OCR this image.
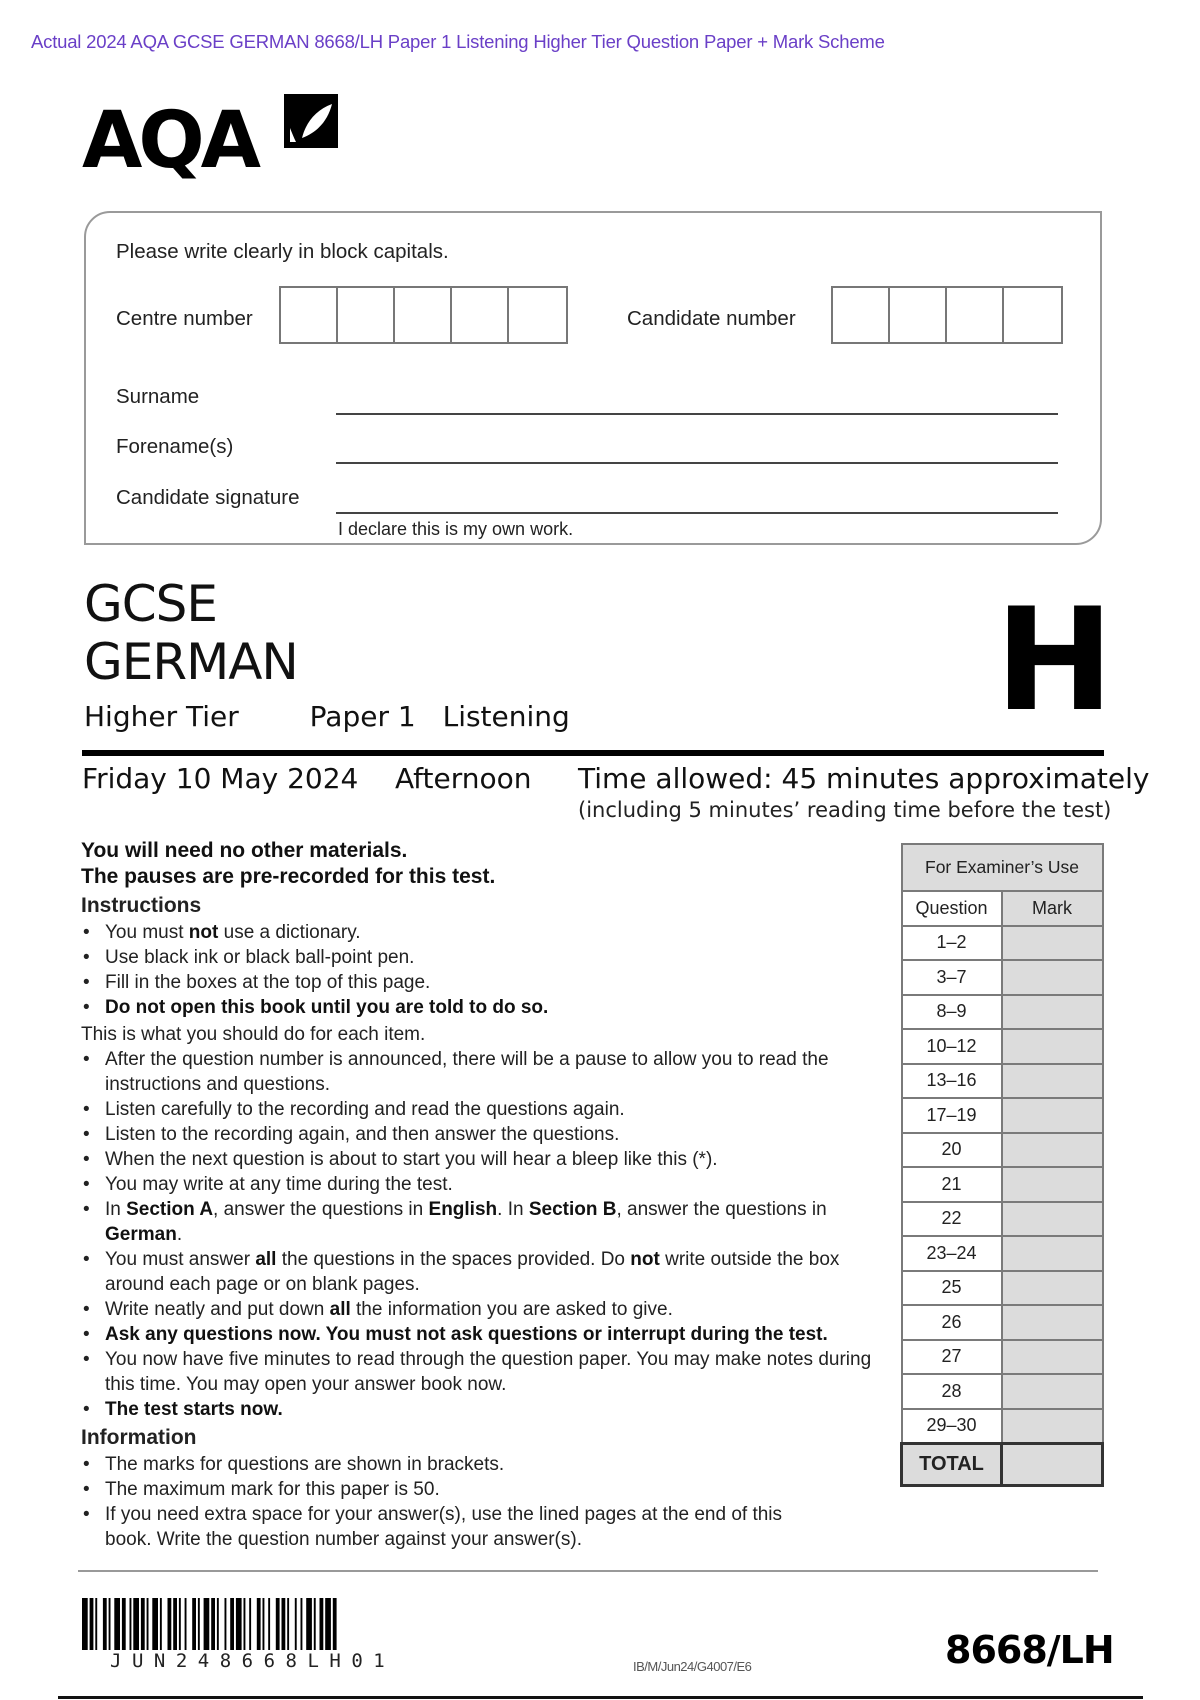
Actual 2024 AQA GCSE GERMAN 8668/LH Paper 1 Listening Higher Tier Question Paper + Mark Scheme
AQA
Please write clearly in block capitals.
Centre number	Candidate number
Surname
Forename(s)
Candidate signature
I declare this is my own work.
GCSE
GERMAN
Higher Tier	Paper 1 Listening	H
Friday 10 May 2024 Afternoon Time allowed: 45 minutes approximately
(including 5 minutes’ reading time before the test)
You will need no other materials.
The pauses are pre-recorded for this test.
Instructions
• You must not use a dictionary.
• Use black ink or black ball-point pen.
• Fill in the boxes at the top of this page.
• Do not open this book until you are told to do so.

This is what you should do for each item.

• After the question number is announced, there will be a pause to allow you to read the instructions and questions.
• Listen carefully to the recording and read the questions again.
• Listen to the recording again, and then answer the questions.
• When the next question is about to start you will hear a bleep like this (*).
• You may write at any time during the test.
• In Section A, answer the questions in English. In Section B, answer the questions in German.
• You must answer all the questions in the spaces provided. Do not write outside the box around each page or on blank pages.
• Write neatly and put down all the information you are asked to give.
• Ask any questions now. You must not ask questions or interrupt during the test.
• You now have five minutes to read through the question paper. You may make notes during this time. You may open your answer book now.
• The test starts now.
Information
• The marks for questions are shown in brackets.
• The maximum mark for this paper is 50.
• If you need extra space for your answer(s), use the lined pages at the end of this book. Write the question number against your answer(s).
For Examiner’s Use	
Question	Mark
1–2	
3–7	
8–9	
10–12	
13–16	
17–19	
20	
21	
22	
23–24	
25	
26	
27	
28	
29–30	
TOTAL	
JUN248668LH01	IB/M/Jun24/G4007/E6	8668/LH
